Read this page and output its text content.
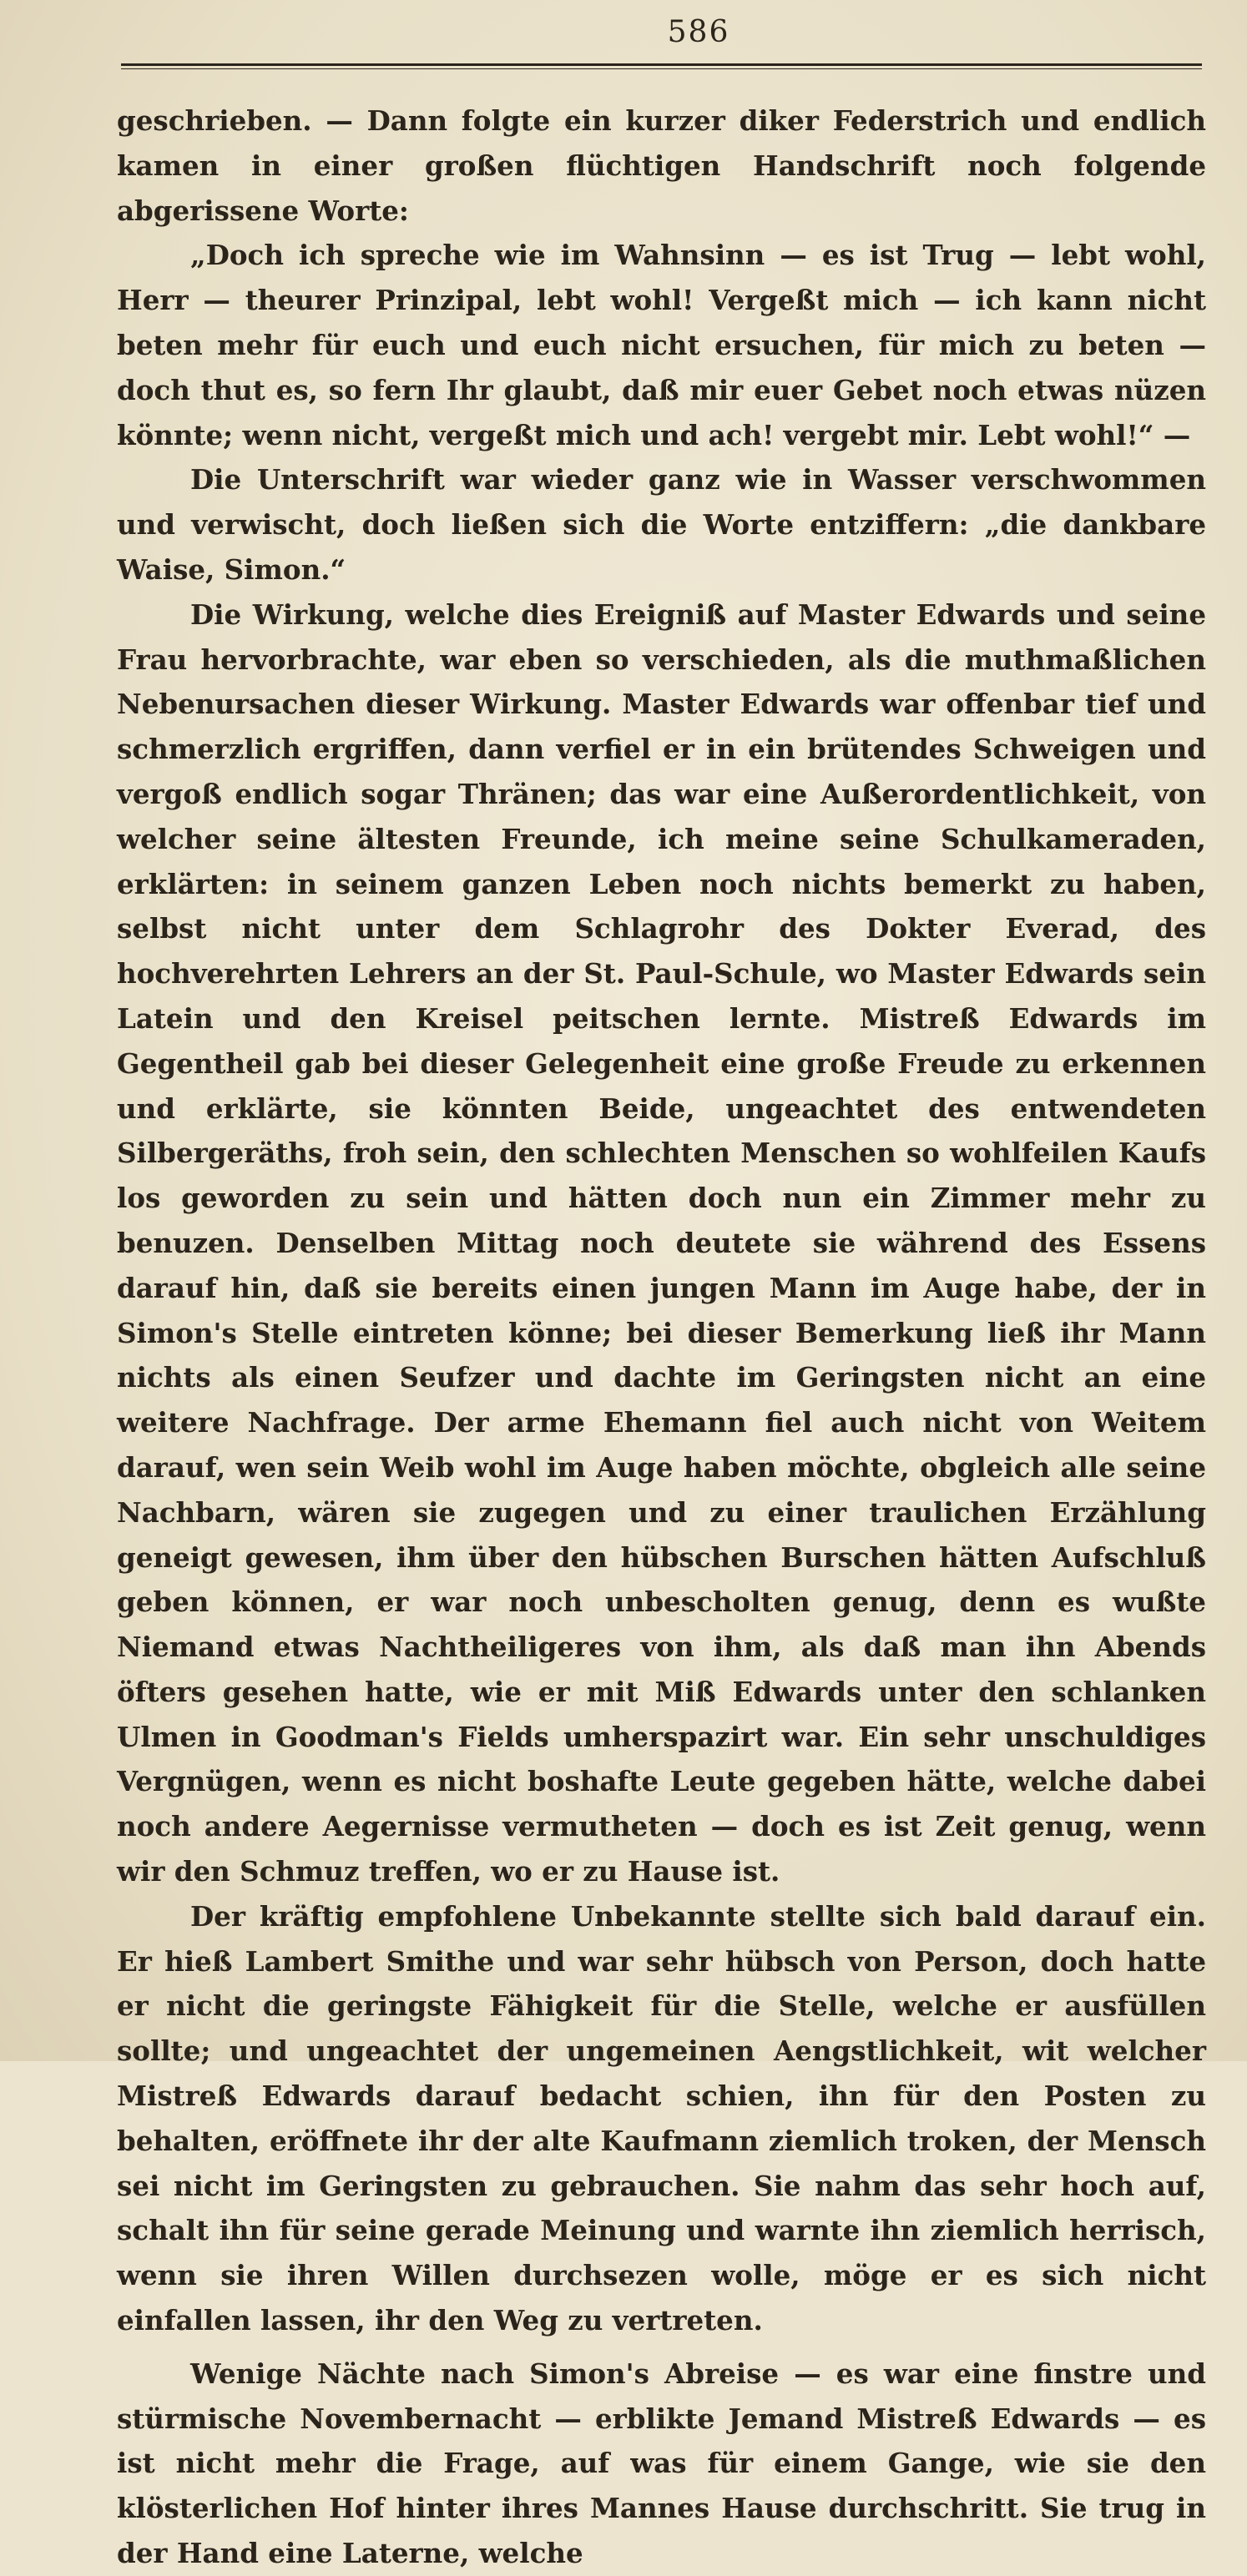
586

geschrieben. — Dann folgte ein kurzer diker Federstrich und endlich kamen in einer großen flüchtigen Handschrift noch folgende abgerissene Worte:

„Doch ich spreche wie im Wahnsinn — es ist Trug — lebt wohl, Herr — theurer Prinzipal, lebt wohl! Vergeßt mich — ich kann nicht beten mehr für euch und euch nicht ersuchen, für mich zu beten — doch thut es, so fern Ihr glaubt, daß mir euer Gebet noch etwas nüzen könnte; wenn nicht, vergeßt mich und ach! vergebt mir. Lebt wohl!“ —

Die Unterschrift war wieder ganz wie in Wasser verschwommen und verwischt, doch ließen sich die Worte entziffern: „die dankbare Waise, Simon.“

Die Wirkung, welche dies Ereigniß auf Master Edwards und seine Frau hervorbrachte, war eben so verschieden, als die muthmaßlichen Nebenursachen dieser Wirkung. Master Edwards war offenbar tief und schmerzlich ergriffen, dann verfiel er in ein brütendes Schweigen und vergoß endlich sogar Thränen; das war eine Außerordentlichkeit, von welcher seine ältesten Freunde, ich meine seine Schulkameraden, erklärten: in seinem ganzen Leben noch nichts bemerkt zu haben, selbst nicht unter dem Schlagrohr des Dokter Everad, des hochverehrten Lehrers an der St. Paul-Schule, wo Master Edwards sein Latein und den Kreisel peitschen lernte. Mistreß Edwards im Gegentheil gab bei dieser Gelegenheit eine große Freude zu erkennen und erklärte, sie könnten Beide, ungeachtet des entwendeten Silbergeräths, froh sein, den schlechten Menschen so wohlfeilen Kaufs los geworden zu sein und hätten doch nun ein Zimmer mehr zu benuzen. Denselben Mittag noch deutete sie während des Essens darauf hin, daß sie bereits einen jungen Mann im Auge habe, der in Simon's Stelle eintreten könne; bei dieser Bemerkung ließ ihr Mann nichts als einen Seufzer und dachte im Geringsten nicht an eine weitere Nachfrage. Der arme Ehemann fiel auch nicht von Weitem darauf, wen sein Weib wohl im Auge haben möchte, obgleich alle seine Nachbarn, wären sie zugegen und zu einer traulichen Erzählung geneigt gewesen, ihm über den hübschen Burschen hätten Aufschluß geben können, er war noch unbescholten genug, denn es wußte Niemand etwas Nachtheiligeres von ihm, als daß man ihn Abends öfters gesehen hatte, wie er mit Miß Edwards unter den schlanken Ulmen in Goodman's Fields umherspazirt war. Ein sehr unschuldiges Vergnügen, wenn es nicht boshafte Leute gegeben hätte, welche dabei noch andere Aegernisse vermutheten — doch es ist Zeit genug, wenn wir den Schmuz treffen, wo er zu Hause ist.

Der kräftig empfohlene Unbekannte stellte sich bald darauf ein. Er hieß Lambert Smithe und war sehr hübsch von Person, doch hatte er nicht die geringste Fähigkeit für die Stelle, welche er ausfüllen sollte; und ungeachtet der ungemeinen Aengstlichkeit, wit welcher Mistreß Edwards darauf bedacht schien, ihn für den Posten zu behalten, eröffnete ihr der alte Kaufmann ziemlich troken, der Mensch sei nicht im Geringsten zu gebrauchen. Sie nahm das sehr hoch auf, schalt ihn für seine gerade Meinung und warnte ihn ziemlich herrisch, wenn sie ihren Willen durchsezen wolle, möge er es sich nicht einfallen lassen, ihr den Weg zu vertreten.

Wenige Nächte nach Simon's Abreise — es war eine finstre und stürmische Novembernacht — erblikte Jemand Mistreß Edwards — es ist nicht mehr die Frage, auf was für einem Gange, wie sie den klösterlichen Hof hinter ihres Mannes Hause durchschritt. Sie trug in der Hand eine Laterne, welche
